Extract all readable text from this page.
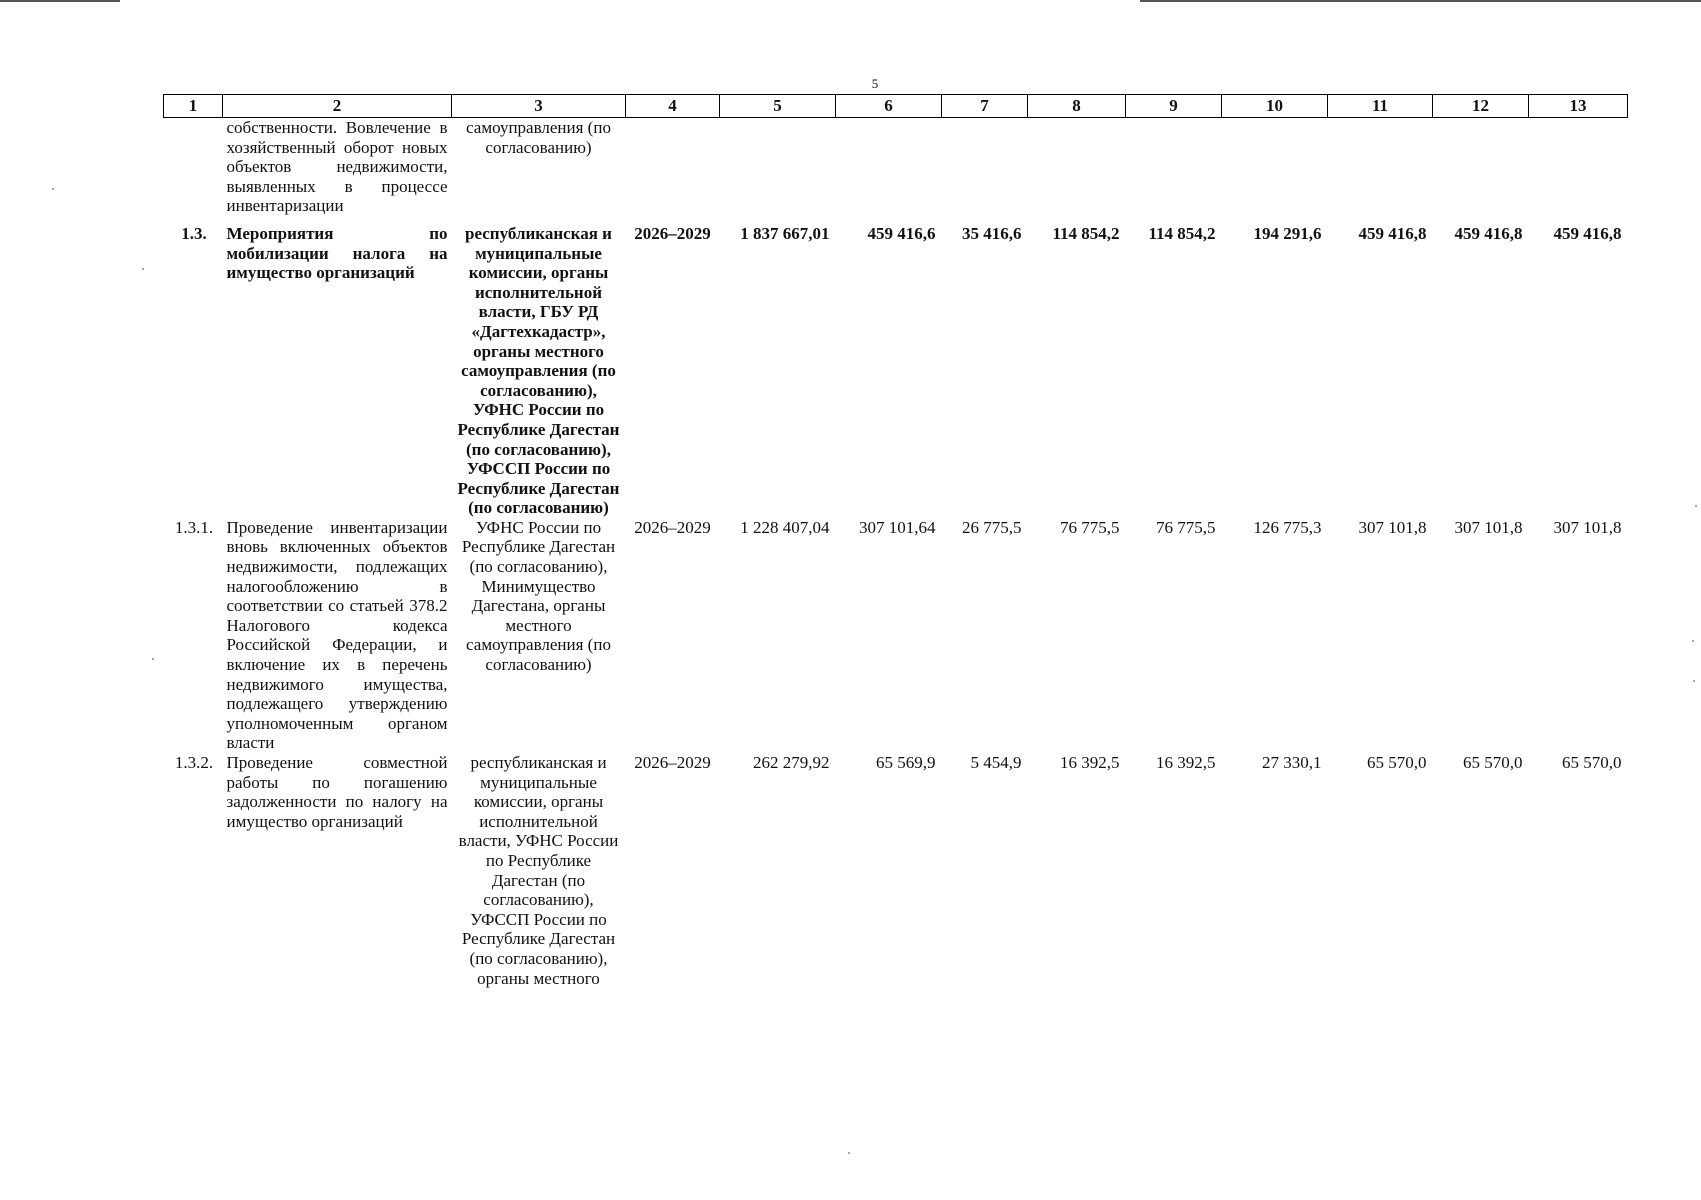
5
1	2	3	4	5	6	7	8	9	10	11	12	13
	собственности. Вовлечение в хозяйственный оборот новых объектов недвижимости, выявленных в процессе инвентаризации	самоуправления (по согласованию)										
1.3.	Мероприятия по мобилизации налога на имущество организаций	республиканская и муниципальные комиссии, органы исполнительной власти, ГБУ РД «Дагтехкадастр», органы местного самоуправления (по согласованию), УФНС России по Республике Дагестан (по согласованию), УФССП России по Республике Дагестан (по согласованию)	2026–2029	1 837 667,01	459 416,6	35 416,6	114 854,2	114 854,2	194 291,6	459 416,8	459 416,8	459 416,8
1.3.1.	Проведение инвентаризации вновь включенных объектов недвижимости, подлежащих налогообложению в соответствии со статьей 378.2 Налогового кодекса Российской Федерации, и включение их в перечень недвижимого имущества, подлежащего утверждению уполномоченным органом власти	УФНС России по Республике Дагестан (по согласованию), Минимущество Дагестана, органы местного самоуправления (по согласованию)	2026–2029	1 228 407,04	307 101,64	26 775,5	76 775,5	76 775,5	126 775,3	307 101,8	307 101,8	307 101,8
1.3.2.	Проведение совместной работы по погашению задолженности по налогу на имущество организаций	республиканская и муниципальные комиссии, органы исполнительной власти, УФНС России по Республике Дагестан (по согласованию), УФССП России по Республике Дагестан (по согласованию), органы местного	2026–2029	262 279,92	65 569,9	5 454,9	16 392,5	16 392,5	27 330,1	65 570,0	65 570,0	65 570,0
